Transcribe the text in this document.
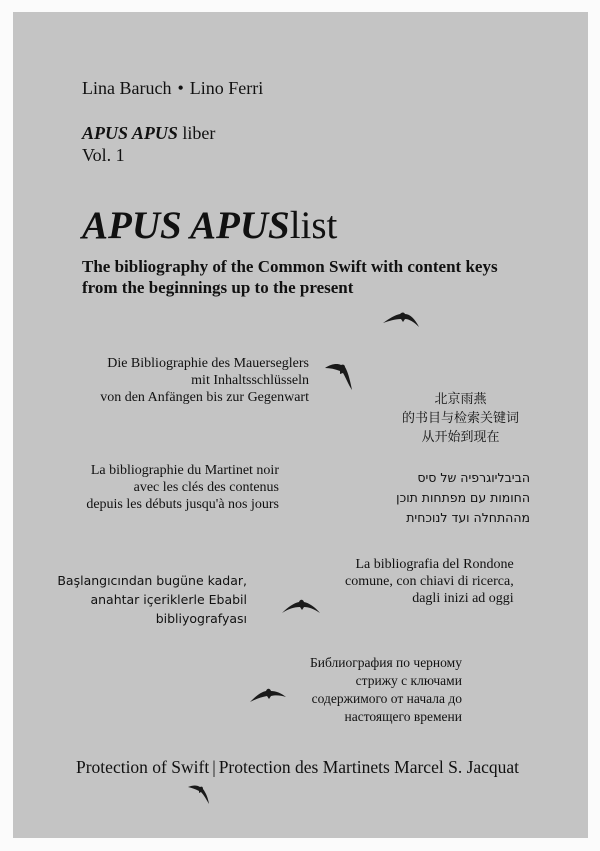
Lina Baruch • Lino Ferri
APUS APUS liber
Vol. 1
APUS APUSlist
The bibliography of the Common Swift with content keys
from the beginnings up to the present
Die Bibliographie des Mauerseglers
mit Inhaltsschlüsseln
von den Anfängen bis zur Gegenwart	北京雨燕
的书目与检索关键词
从开始到现在
La bibliographie du Martinet noir
avec les clés des contenus
depuis les débuts jusqu'à nos jours
הביבליוגרפיה של סיס
החומות עם מפתחות תוכן
מההתחלה ועד לנוכחית
La bibliografia del Rondone
comune, con chiavi di ricerca,
dagli inizi ad oggi
Başlangıcından bugüne kadar,
anahtar içeriklerle Ebabil
bibliyografyası
Библиография по черному
стрижу с ключами
содержимого от начала до
настоящего времени
Protection of Swift | Protection des Martinets Marcel S. Jacquat
